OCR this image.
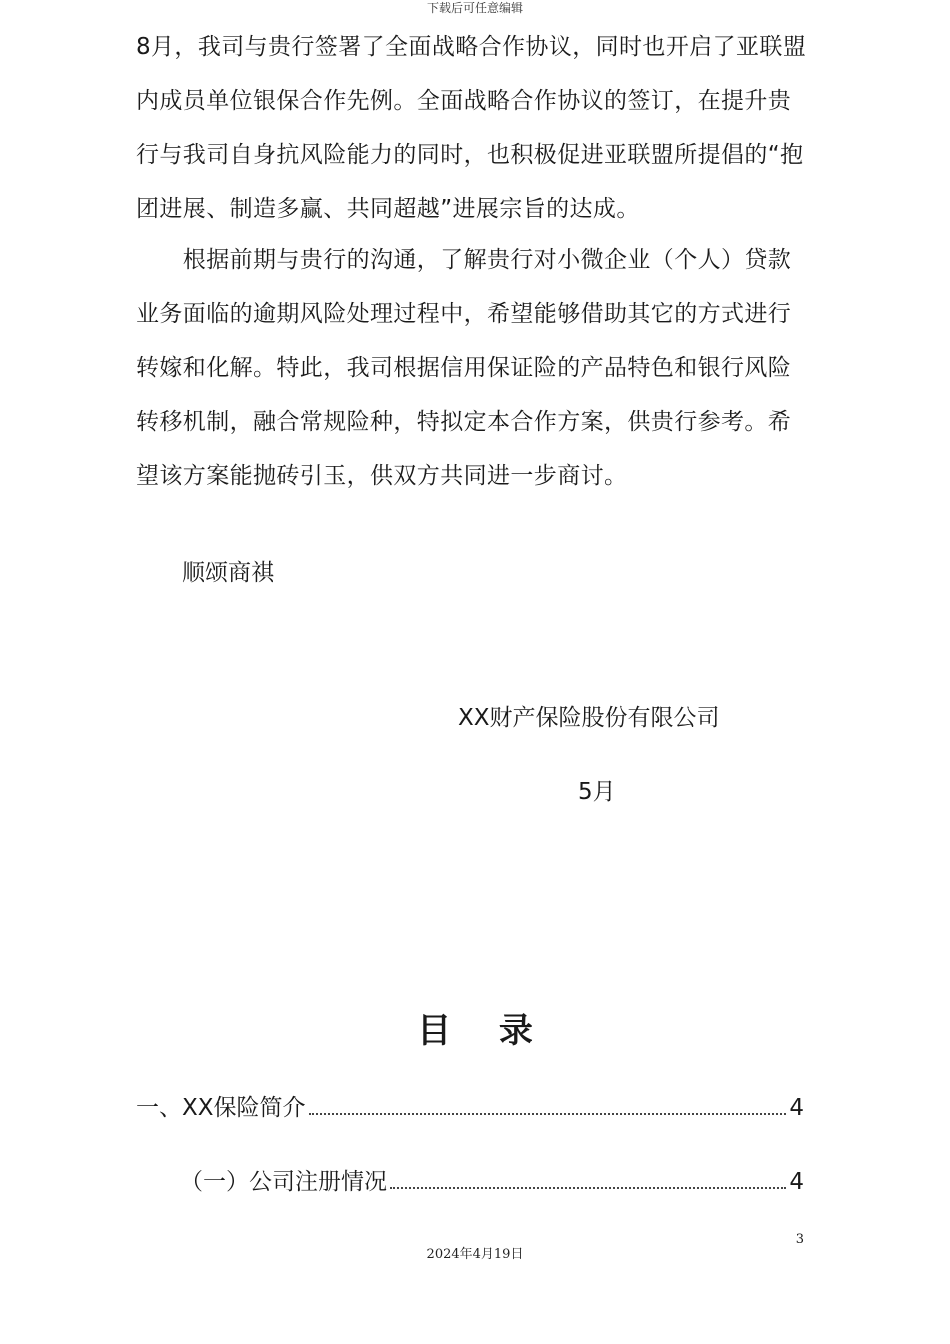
下载后可任意编辑
8月，我司与贵行签署了全面战略合作协议，同时也开启了亚联盟
内成员单位银保合作先例。全面战略合作协议的签订，在提升贵
行与我司自身抗风险能力的同时，也积极促进亚联盟所提倡的“抱
团进展、制造多赢、共同超越”进展宗旨的达成。
　　根据前期与贵行的沟通，了解贵行对小微企业（个人）贷款
业务面临的逾期风险处理过程中，希望能够借助其它的方式进行
转嫁和化解。特此，我司根据信用保证险的产品特色和银行风险
转移机制，融合常规险种，特拟定本合作方案，供贵行参考。希
望该方案能抛砖引玉，供双方共同进一步商讨。

顺颂商祺

XX财产保险股份有限公司

5月

目 录
一、XX保险简介	4
（一）公司注册情况	4
3
2024年4月19日
